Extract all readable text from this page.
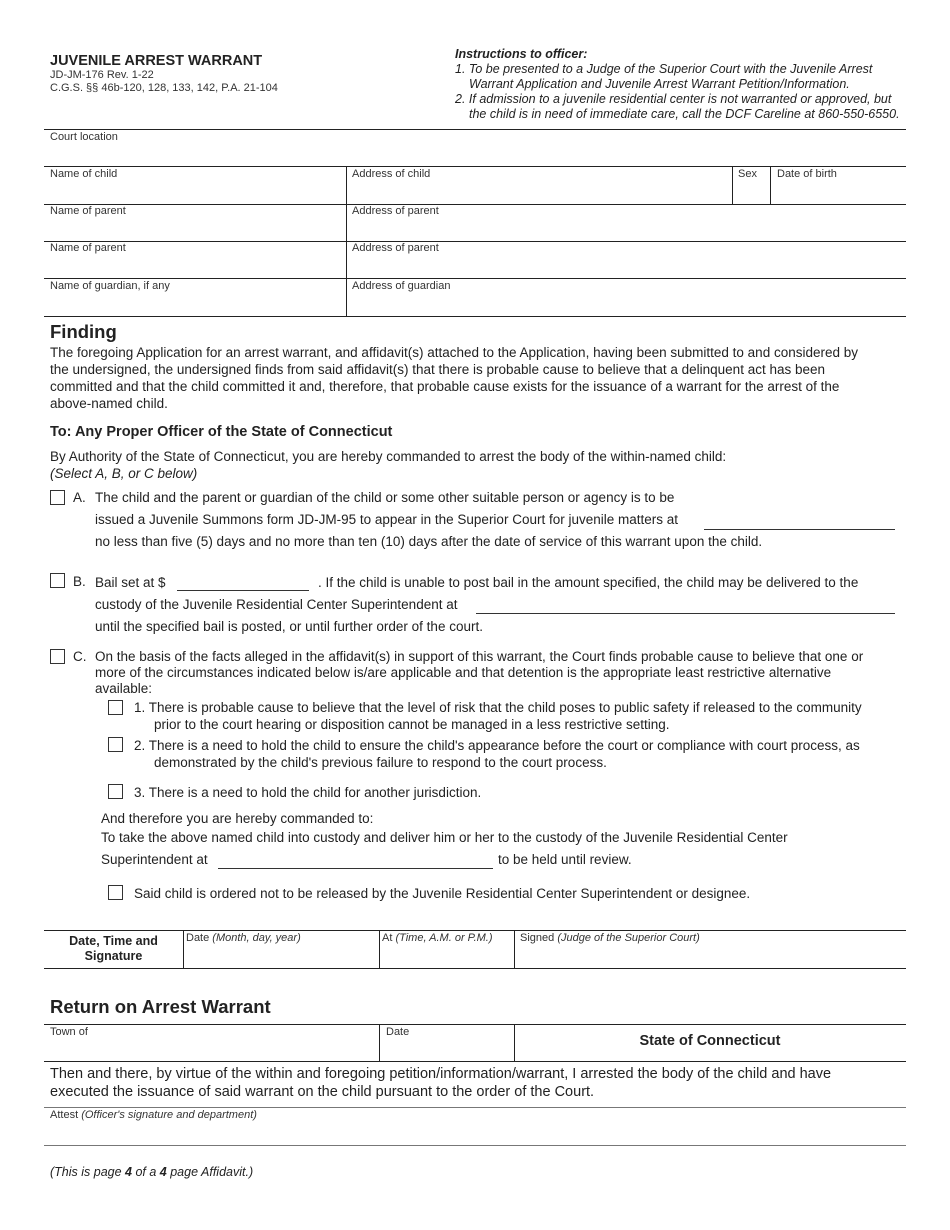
JUVENILE ARREST WARRANT
JD-JM-176 Rev. 1-22
C.G.S. §§ 46b-120, 128, 133, 142, P.A. 21-104
Instructions to officer:
1. To be presented to a Judge of the Superior Court with the Juvenile Arrest
Warrant Application and Juvenile Arrest Warrant Petition/Information.
2. If admission to a juvenile residential center is not warranted or approved, but
the child is in need of immediate care, call the DCF Careline at 860-550-6550.
Court location
Name of child	Address of child	Sex Date of birth
Name of parent	Address of parent
Name of parent	Address of parent
Name of guardian, if any	Address of guardian
Finding
The foregoing Application for an arrest warrant, and affidavit(s) attached to the Application, having been submitted to and considered by
the undersigned, the undersigned finds from said affidavit(s) that there is probable cause to believe that a delinquent act has been
committed and that the child committed it and, therefore, that probable cause exists for the issuance of a warrant for the arrest of the
above-named child.
To: Any Proper Officer of the State of Connecticut
By Authority of the State of Connecticut, you are hereby commanded to arrest the body of the within-named child:
(Select A, B, or C below)
A. The child and the parent or guardian of the child or some other suitable person or agency is to be
issued a Juvenile Summons form JD-JM-95 to appear in the Superior Court for juvenile matters at
no less than five (5) days and no more than ten (10) days after the date of service of this warrant upon the child.
B. Bail set at $	. If the child is unable to post bail in the amount specified, the child may be delivered to the
custody of the Juvenile Residential Center Superintendent at
until the specified bail is posted, or until further order of the court.
C. On the basis of the facts alleged in the affidavit(s) in support of this warrant, the Court finds probable cause to believe that one or
more of the circumstances indicated below is/are applicable and that detention is the appropriate least restrictive alternative
available:
1. There is probable cause to believe that the level of risk that the child poses to public safety if released to the community
prior to the court hearing or disposition cannot be managed in a less restrictive setting.
2. There is a need to hold the child to ensure the child's appearance before the court or compliance with court process, as
demonstrated by the child's previous failure to respond to the court process.
3. There is a need to hold the child for another jurisdiction.
And therefore you are hereby commanded to:
To take the above named child into custody and deliver him or her to the custody of the Juvenile Residential Center
Superintendent at	to be held until review.
Said child is ordered not to be released by the Juvenile Residential Center Superintendent or designee.
Date, Time and
Signature
Date (Month, day, year)	At (Time, A.M. or P.M.) Signed (Judge of the Superior Court)
Return on Arrest Warrant
Town of	Date
State of Connecticut
Then and there, by virtue of the within and foregoing petition/information/warrant, I arrested the body of the child and have
executed the issuance of said warrant on the child pursuant to the order of the Court.
Attest (Officer's signature and department)
(This is page 4 of a 4 page Affidavit.)
